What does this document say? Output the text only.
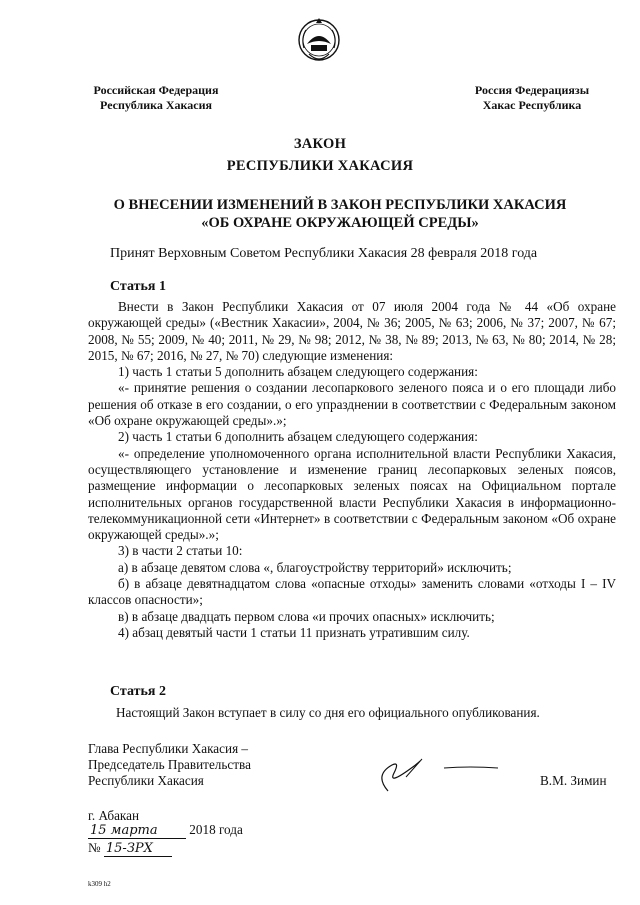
Российская Федерация
Республика Хакасия
Россия Федерациязы
Хакас Республика
ЗАКОН
РЕСПУБЛИКИ ХАКАСИЯ
О ВНЕСЕНИИ ИЗМЕНЕНИЙ В ЗАКОН РЕСПУБЛИКИ ХАКАСИЯ
«ОБ ОХРАНЕ ОКРУЖАЮЩЕЙ СРЕДЫ»
Принят Верховным Советом Республики Хакасия 28 февраля 2018 года
Статья 1

Внести в Закон Республики Хакасия от 07 июля 2004 года № 44 «Об охране окружающей среды» («Вестник Хакасии», 2004, № 36; 2005, № 63; 2006, № 37; 2007, № 67; 2008, № 55; 2009, № 40; 2011, № 29, № 98; 2012, № 38, № 89; 2013, № 63, № 80; 2014, № 28; 2015, № 67; 2016, № 27, № 70) следующие изменения:

1) часть 1 статьи 5 дополнить абзацем следующего содержания:

«- принятие решения о создании лесопаркового зеленого пояса и о его площади либо решения об отказе в его создании, о его упразднении в соответствии с Федеральным законом «Об охране окружающей среды».»;

2) часть 1 статьи 6 дополнить абзацем следующего содержания:

«- определение уполномоченного органа исполнительной власти Республики Хакасия, осуществляющего установление и изменение границ лесопарковых зеленых поясов, размещение информации о лесопарковых зеленых поясах на Официальном портале исполнительных органов государственной власти Республики Хакасия в информационно-телекоммуникационной сети «Интернет» в соответствии с Федеральным законом «Об охране окружающей среды».»;

3) в части 2 статьи 10:

а) в абзаце девятом слова «, благоустройству территорий» исключить;

б) в абзаце девятнадцатом слова «опасные отходы» заменить словами «отходы I – IV классов опасности»;

в) в абзаце двадцать первом слова «и прочих опасных» исключить;

4) абзац девятый части 1 статьи 11 признать утратившим силу.

Статья 2

Настоящий Закон вступает в силу со дня его официального опубликования.

Глава Республики Хакасия –
Председатель Правительства
Республики Хакасия	В.М. Зимин
г. Абакан
15 марта 2018 года
№ 15-ЗРХ
k309 h2
